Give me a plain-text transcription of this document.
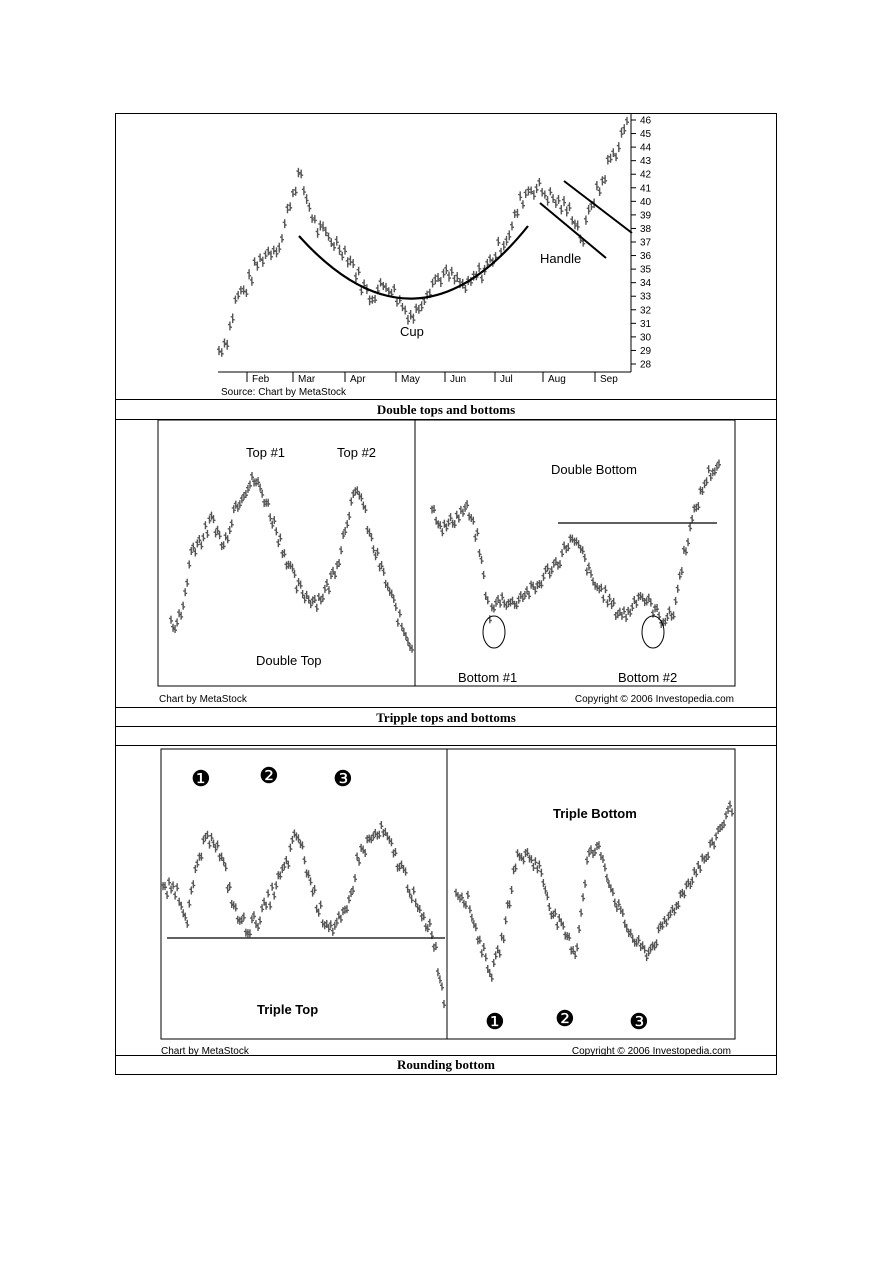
46
45
44
43
42
41
40
39
38
37
36
35
34
33
32
31
30
29
28
Feb	Mar	Apr	May	Jun	Jul	Aug	Sep
Cup
Handle
Source: Chart by MetaStock
Double tops and bottoms
Top #1	Top #2
Double Top
Double Bottom
Bottom #1	Bottom #2
Chart by MetaStock	Copyright © 2006 Investopedia.com
Tripple tops and bottoms
❶ ❷ ❸
❶ ❷ ❸
Triple Top
Triple Bottom
Chart by MetaStock	Copyright © 2006 Investopedia.com
Rounding bottom
